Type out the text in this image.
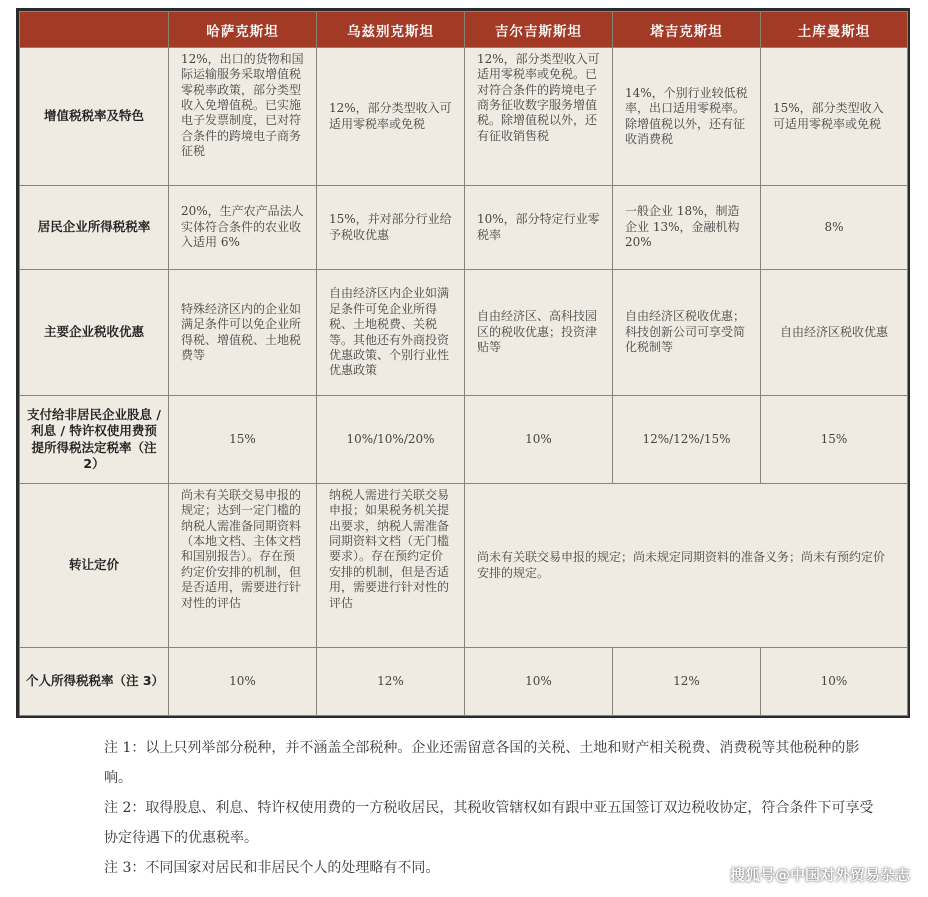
	哈萨克斯坦	乌兹别克斯坦	吉尔吉斯斯坦	塔吉克斯坦	土库曼斯坦
增值税税率及特色	12%，出口的货物和国际运输服务采取增值税零税率政策，部分类型收入免增值税。已实施电子发票制度，已对符合条件的跨境电子商务征税	12%，部分类型收入可适用零税率或免税	12%，部分类型收入可适用零税率或免税。已对符合条件的跨境电子商务征收数字服务增值税。除增值税以外，还有征收销售税	14%，个别行业较低税率，出口适用零税率。除增值税以外，还有征收消费税	15%，部分类型收入可适用零税率或免税

居民企业所得税税率	20%，生产农产品法人实体符合条件的农业收入适用 6%	15%，并对部分行业给予税收优惠	10%，部分特定行业零税率	一般企业 18%，制造企业 13%，金融机构 20%	8%

主要企业税收优惠	特殊经济区内的企业如满足条件可以免企业所得税、增值税、土地税费等	自由经济区内企业如满足条件可免企业所得税、土地税费、关税等。其他还有外商投资优惠政策、个别行业性优惠政策	自由经济区、高科技园区的税收优惠；投资津贴等	自由经济区税收优惠；科技创新公司可享受简化税制等	自由经济区税收优惠

支付给非居民企业股息 / 利息 / 特许权使用费预提所得税法定税率（注 2）	15%	10%/10%/20%	10%	12%/12%/15%	15%

转让定价	尚未有关联交易申报的规定；达到一定门槛的纳税人需准备同期资料（本地文档、主体文档和国别报告）。存在预约定价安排的机制，但是否适用，需要进行针对性的评估	纳税人需进行关联交易申报；如果税务机关提出要求，纳税人需准备同期资料文档（无门槛要求）。存在预约定价安排的机制，但是否适用，需要进行针对性的评估	尚未有关联交易申报的规定；尚未规定同期资料的准备义务；尚未有预约定价安排的规定。		

个人所得税税率（注 3）	10%	12%	10%	12%	10%

注 1：以上只列举部分税种，并不涵盖全部税种。企业还需留意各国的关税、土地和财产相关税费、消费税等其他税种的影响。

注 2：取得股息、利息、特许权使用费的一方税收居民，其税收管辖权如有跟中亚五国签订双边税收协定，符合条件下可享受协定待遇下的优惠税率。

注 3：不同国家对居民和非居民个人的处理略有不同。	搜狐号@中国对外贸易杂志
